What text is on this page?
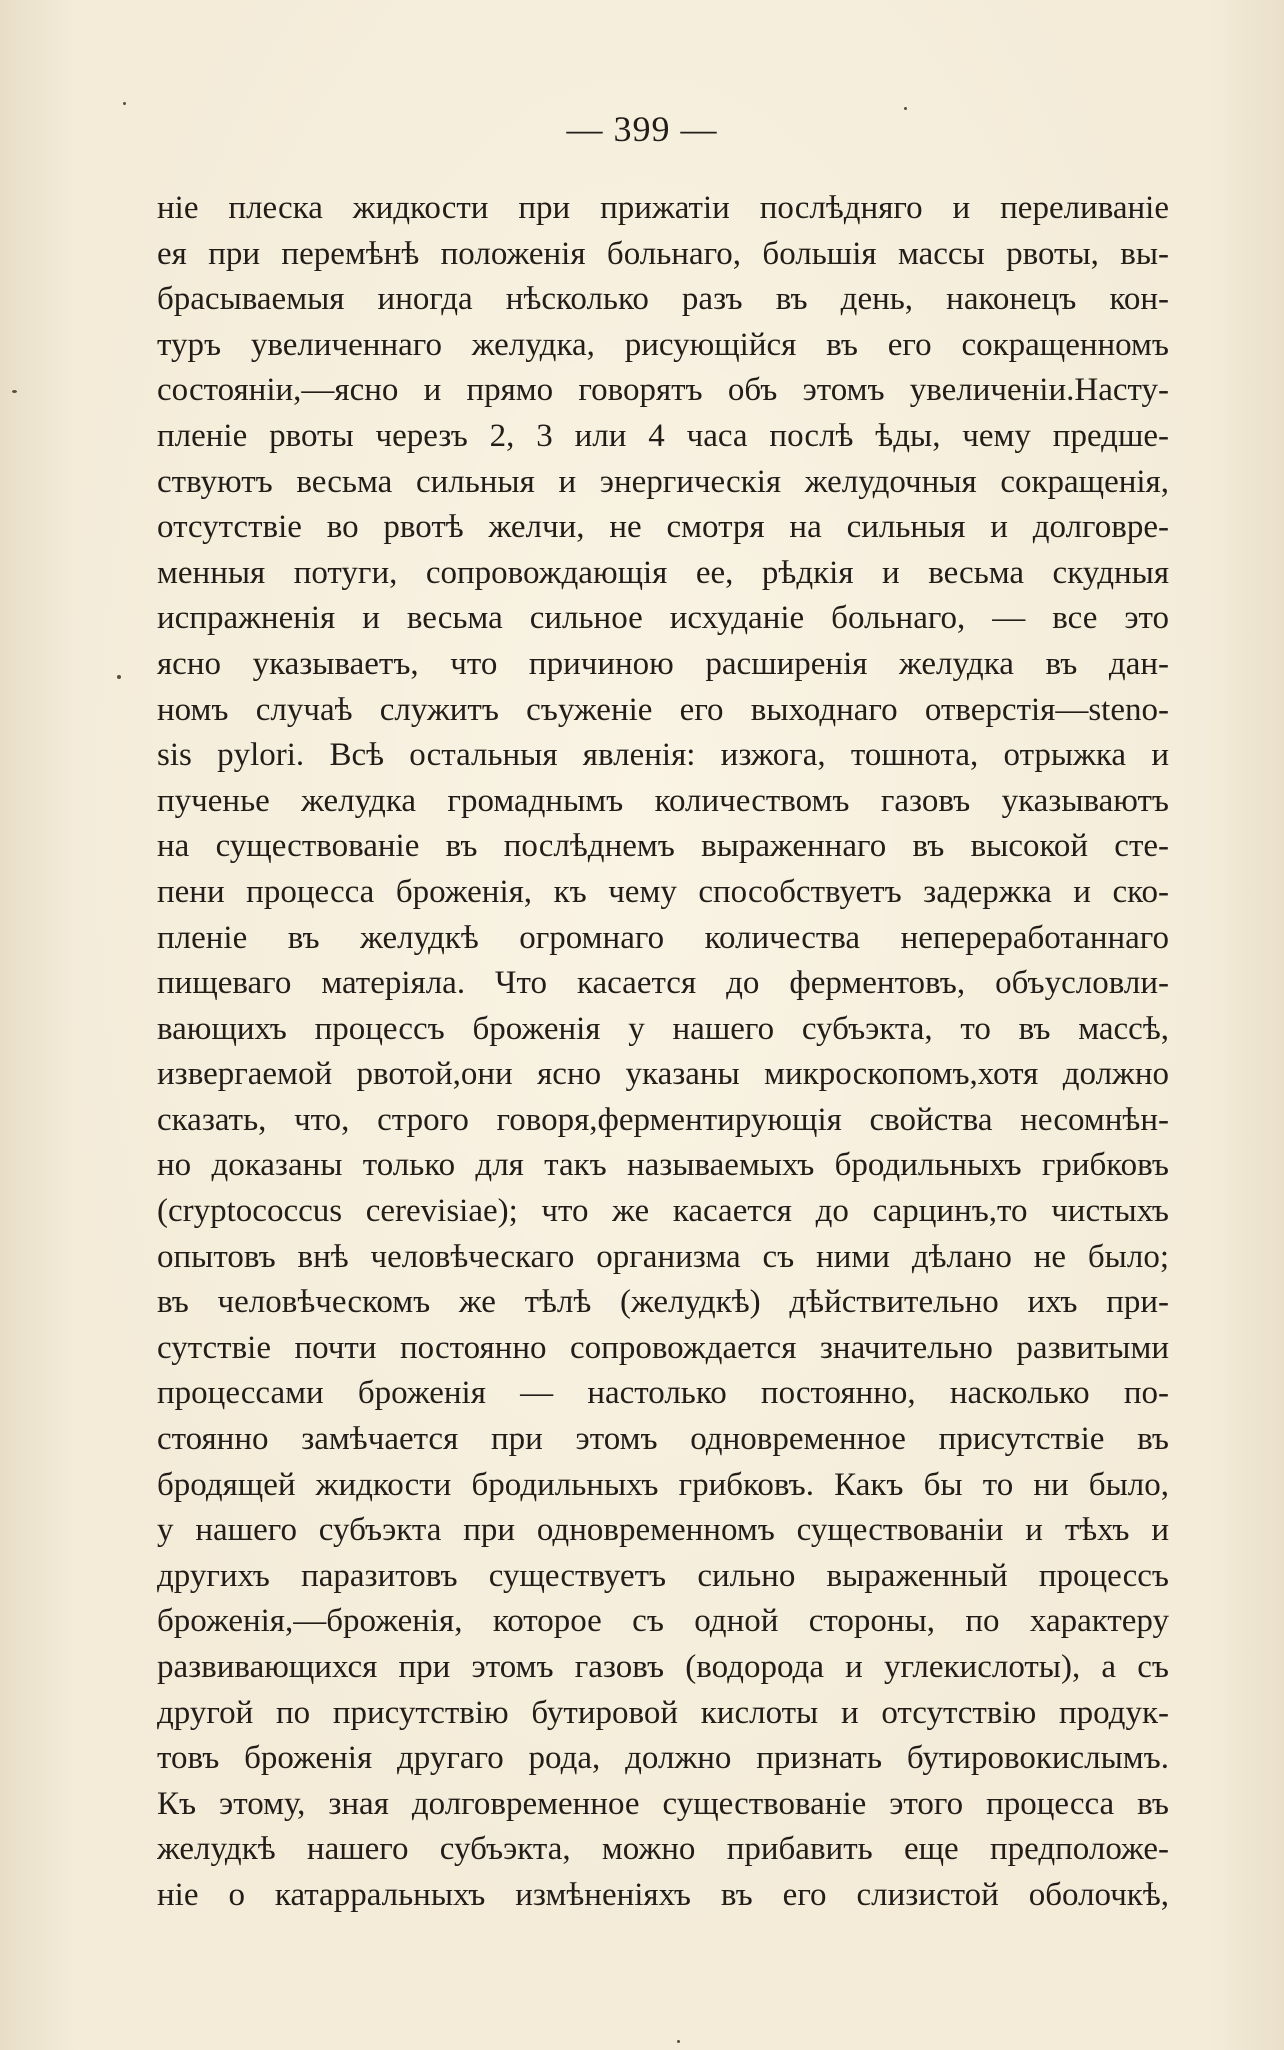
— 399 —
ніе плеска жидкости при прижатіи послѣдняго и переливаніе
ея при перемѣнѣ положенія больнаго, большія массы рвоты, вы-
брасываемыя иногда нѣсколько разъ въ день, наконецъ кон-
туръ увеличеннаго желудка, рисующійся въ его сокращенномъ
состояніи,—ясно и прямо говорятъ объ этомъ увеличеніи.Насту-
пленіе рвоты черезъ 2, 3 или 4 часа послѣ ѣды, чему предше-
ствуютъ весьма сильныя и энергическія желудочныя сокращенія,
отсутствіе во рвотѣ желчи, не смотря на сильныя и долговре-
менныя потуги, сопровождающія ее, рѣдкія и весьма скудныя
испражненія и весьма сильное исхуданіе больнаго, — все это
ясно указываетъ, что причиною расширенія желудка въ дан-
номъ случаѣ служитъ съуженіе его выходнаго отверстія—steno-
sis pylori. Всѣ остальныя явленія: изжога, тошнота, отрыжка и
пученье желудка громаднымъ количествомъ газовъ указываютъ
на существованіе въ послѣднемъ выраженнаго въ высокой сте-
пени процесса броженія, къ чему способствуетъ задержка и ско-
пленіе въ желудкѣ огромнаго количества непереработаннаго
пищеваго матеріяла. Что касается до ферментовъ, объусловли-
вающихъ процессъ броженія у нашего субъэкта, то въ массѣ,
извергаемой рвотой,они ясно указаны микроскопомъ,хотя должно
сказать, что, строго говоря,ферментирующія свойства несомнѣн-
но доказаны только для такъ называемыхъ бродильныхъ грибковъ
(cryptococcus cerevisiae); что же касается до сарцинъ,то чистыхъ
опытовъ внѣ человѣческаго организма съ ними дѣлано не было;
въ человѣческомъ же тѣлѣ (желудкѣ) дѣйствительно ихъ при-
сутствіе почти постоянно сопровождается значительно развитыми
процессами броженія — настолько постоянно, насколько по-
стоянно замѣчается при этомъ одновременное присутствіе въ
бродящей жидкости бродильныхъ грибковъ. Какъ бы то ни было,
у нашего субъэкта при одновременномъ существованіи и тѣхъ и
другихъ паразитовъ существуетъ сильно выраженный процессъ
броженія,—броженія, которое съ одной стороны, по характеру
развивающихся при этомъ газовъ (водорода и углекислоты), а съ
другой по присутствію бутировой кислоты и отсутствію продук-
товъ броженія другаго рода, должно признать бутировокислымъ.
Къ этому, зная долговременное существованіе этого процесса въ
желудкѣ нашего субъэкта, можно прибавить еще предположе-
ніе о катарральныхъ измѣненіяхъ въ его слизистой оболочкѣ,
